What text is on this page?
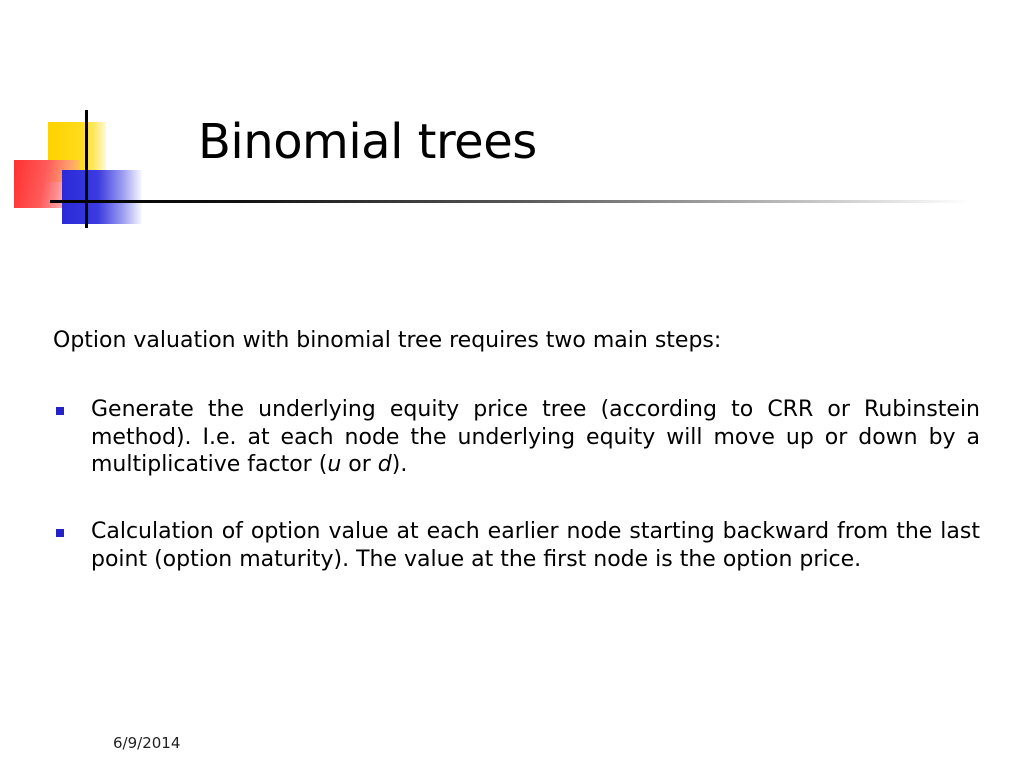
Binomial trees

Option valuation with binomial tree requires two main steps:

Generate the underlying equity price tree (according to CRR or Rubinstein method). I.e. at each node the underlying equity will move up or down by a multiplicative factor (u or d).
Calculation of option value at each earlier node starting backward from the last point (option maturity). The value at the first node is the option price.
6/9/2014
